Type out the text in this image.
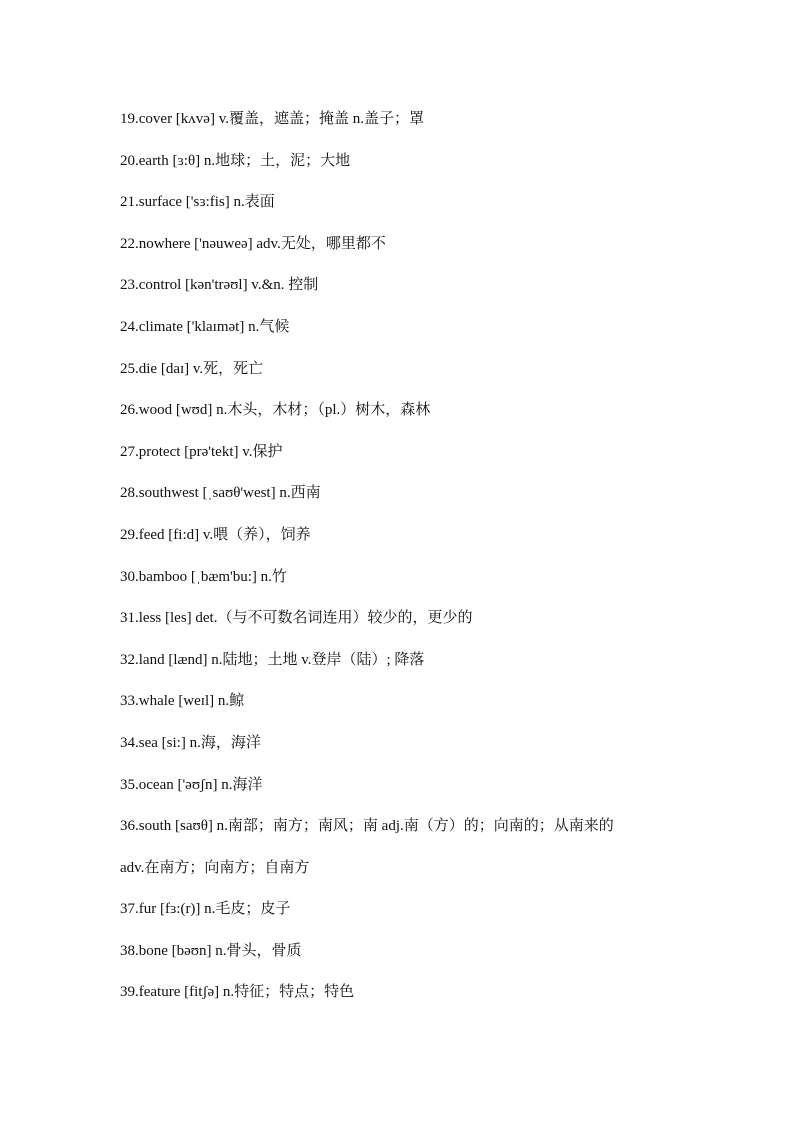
19.cover [kʌvə] v.覆盖，遮盖；掩盖 n.盖子；罩
20.earth [ɜ:θ] n.地球；土，泥；大地
21.surface ['sɜ:fis] n.表面
22.nowhere ['nəuweə] adv.无处，哪里都不
23.control [kən'trəʊl] v.&n. 控制
24.climate ['klaɪmət] n.气候
25.die [daɪ] v.死，死亡
26.wood [wʊd] n.木头，木材；（pl.）树木，森林
27.protect [prə'tekt] v.保护
28.southwest [ˌsaʊθ'west] n.西南
29.feed [fi:d] v.喂（养），饲养
30.bamboo [ˌbæm'bu:] n.竹
31.less [les] det.（与不可数名词连用）较少的，更少的
32.land [lænd] n.陆地；土地 v.登岸（陆）; 降落
33.whale [weɪl] n.鲸
34.sea [si:] n.海，海洋
35.ocean ['əʊʃn] n.海洋
36.south [saʊθ] n.南部；南方；南风；南 adj.南（方）的；向南的；从南来的
adv.在南方；向南方；自南方
37.fur [fɜ:(r)] n.毛皮；皮子
38.bone [bəʊn] n.骨头，骨质
39.feature [fitʃə] n.特征；特点；特色
